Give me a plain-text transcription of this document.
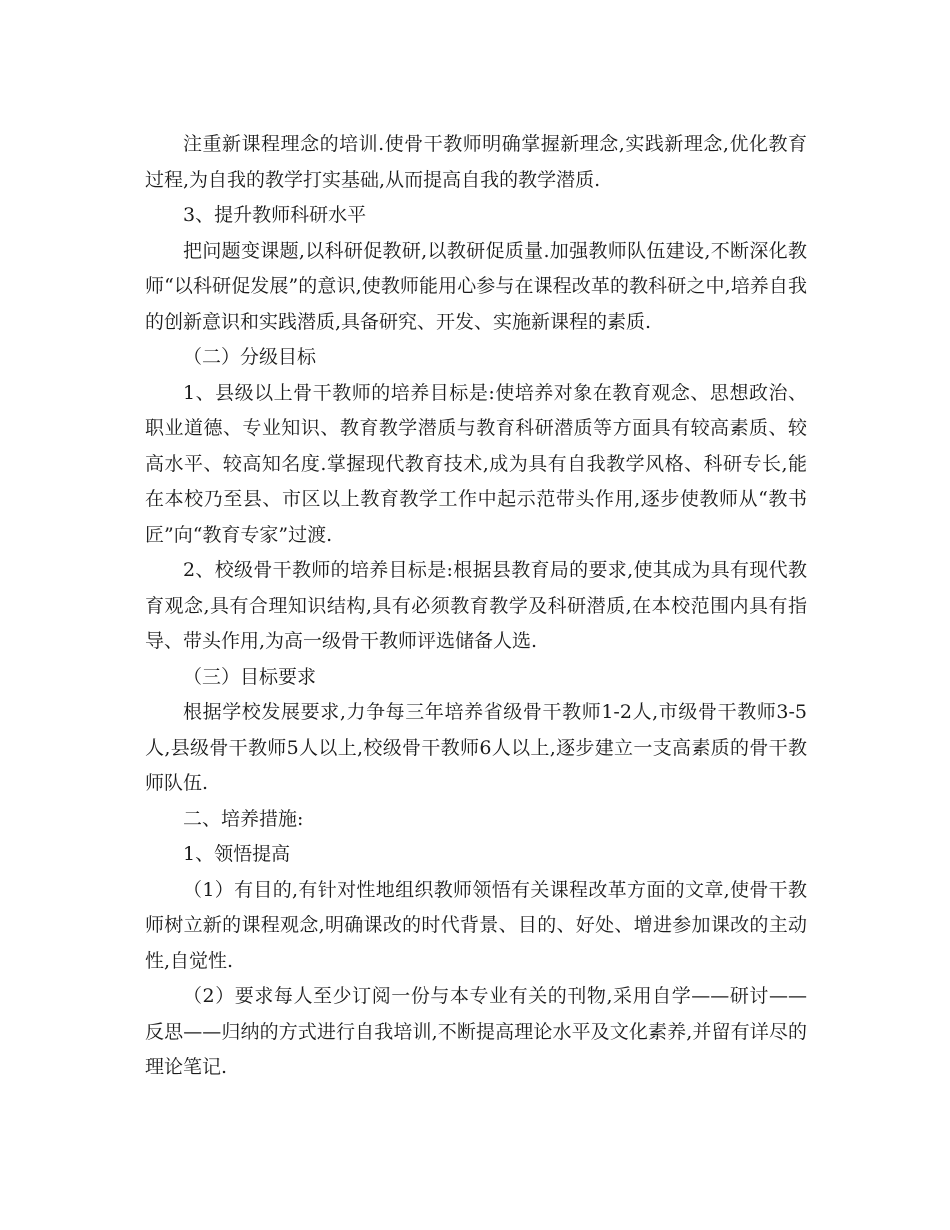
注重新课程理念的培训.使骨干教师明确掌握新理念,实践新理念,优化教育过程,为自我的教学打实基础,从而提高自我的教学潜质.

3、提升教师科研水平

把问题变课题,以科研促教研,以教研促质量.加强教师队伍建设,不断深化教师“以科研促发展”的意识,使教师能用心参与在课程改革的教科研之中,培养自我的创新意识和实践潜质,具备研究、开发、实施新课程的素质.

（二）分级目标

1、县级以上骨干教师的培养目标是:使培养对象在教育观念、思想政治、职业道德、专业知识、教育教学潜质与教育科研潜质等方面具有较高素质、较高水平、较高知名度.掌握现代教育技术,成为具有自我教学风格、科研专长,能在本校乃至县、市区以上教育教学工作中起示范带头作用,逐步使教师从“教书匠”向“教育专家”过渡.

2、校级骨干教师的培养目标是:根据县教育局的要求,使其成为具有现代教育观念,具有合理知识结构,具有必须教育教学及科研潜质,在本校范围内具有指导、带头作用,为高一级骨干教师评选储备人选.

（三）目标要求

根据学校发展要求,力争每三年培养省级骨干教师1-2人,市级骨干教师3-5人,县级骨干教师5人以上,校级骨干教师6人以上,逐步建立一支高素质的骨干教师队伍.

二、培养措施:

1、领悟提高

（1）有目的,有针对性地组织教师领悟有关课程改革方面的文章,使骨干教师树立新的课程观念,明确课改的时代背景、目的、好处、增进参加课改的主动性,自觉性.

（2）要求每人至少订阅一份与本专业有关的刊物,采用自学——研讨——反思——归纳的方式进行自我培训,不断提高理论水平及文化素养,并留有详尽的理论笔记.
